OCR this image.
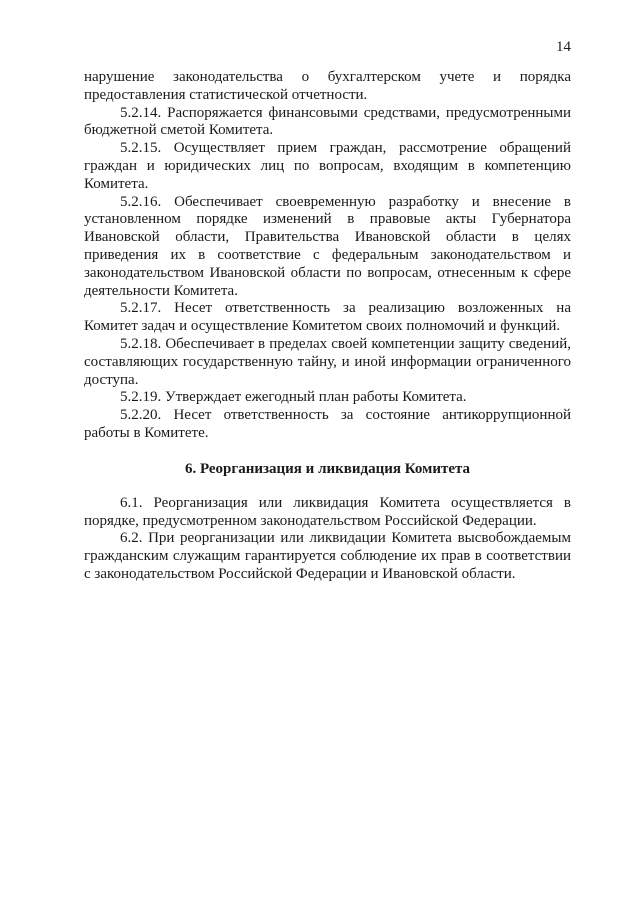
14

нарушение законодательства о бухгалтерском учете и порядка предоставления статистической отчетности.

5.2.14. Распоряжается финансовыми средствами, предусмотренными бюджетной сметой Комитета.

5.2.15. Осуществляет прием граждан, рассмотрение обращений граждан и юридических лиц по вопросам, входящим в компетенцию Комитета.

5.2.16. Обеспечивает своевременную разработку и внесение в установленном порядке изменений в правовые акты Губернатора Ивановской области, Правительства Ивановской области в целях приведения их в соответствие с федеральным законодательством и законодательством Ивановской области по вопросам, отнесенным к сфере деятельности Комитета.

5.2.17. Несет ответственность за реализацию возложенных на Комитет задач и осуществление Комитетом своих полномочий и функций.

5.2.18. Обеспечивает в пределах своей компетенции защиту сведений, составляющих государственную тайну, и иной информации ограниченного доступа.

5.2.19. Утверждает ежегодный план работы Комитета.

5.2.20. Несет ответственность за состояние антикоррупционной работы в Комитете.

6. Реорганизация и ликвидация Комитета

6.1. Реорганизация или ликвидация Комитета осуществляется в порядке, предусмотренном законодательством Российской Федерации.

6.2. При реорганизации или ликвидации Комитета высвобождаемым гражданским служащим гарантируется соблюдение их прав в соответствии с законодательством Российской Федерации и Ивановской области.
